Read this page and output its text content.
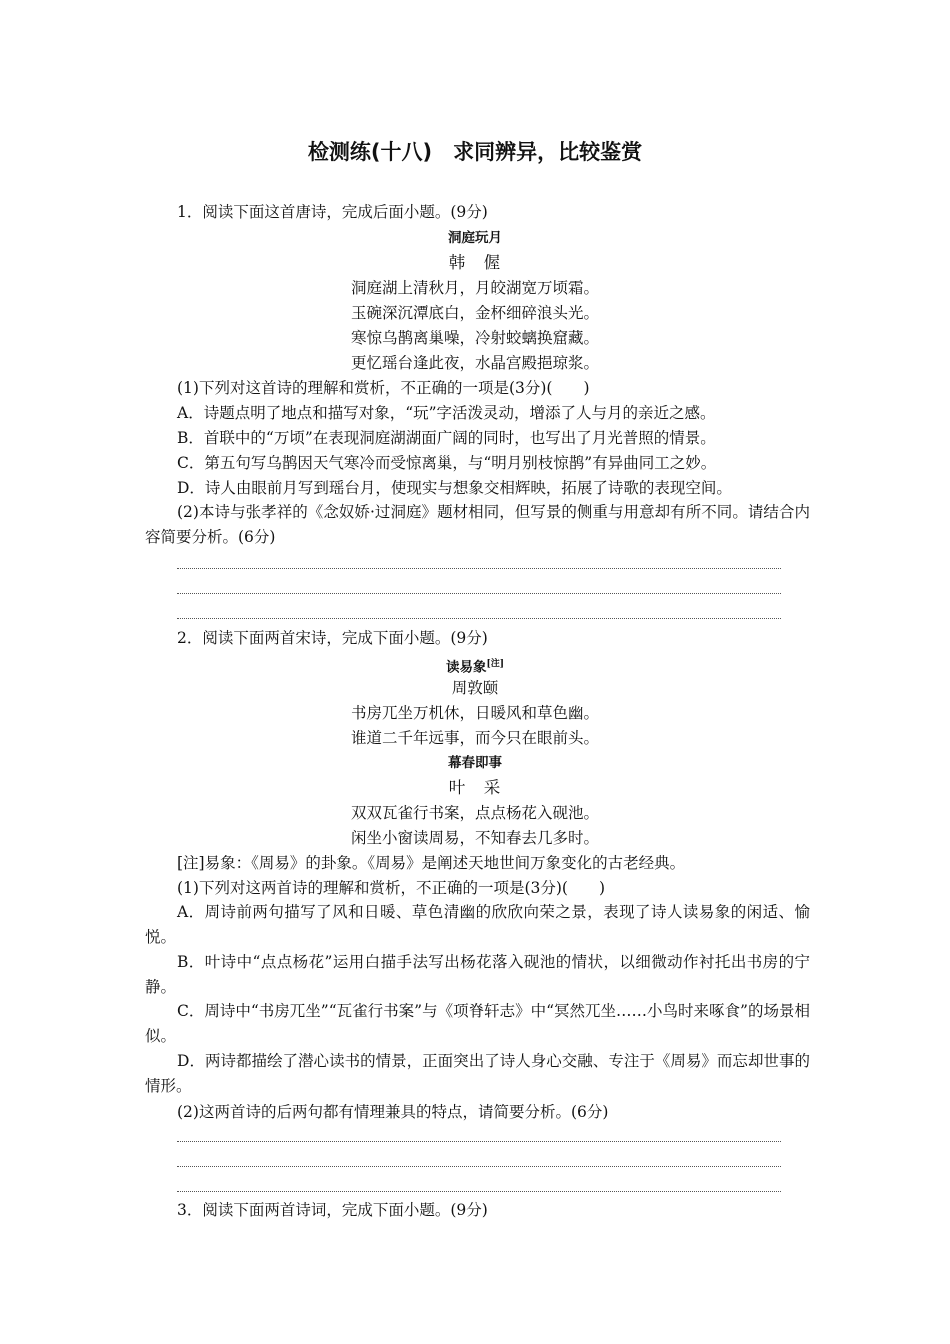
检测练(十八)　求同辨异，比较鉴赏
1．阅读下面这首唐诗，完成后面小题。(9分)
洞庭玩月
韩　偓
洞庭湖上清秋月，月皎湖宽万顷霜。
玉碗深沉潭底白，金杯细碎浪头光。
寒惊乌鹊离巢噪，冷射蛟螭换窟藏。
更忆瑶台逢此夜，水晶宫殿挹琼浆。
(1)下列对这首诗的理解和赏析，不正确的一项是(3分)(　　)
A．诗题点明了地点和描写对象，“玩”字活泼灵动，增添了人与月的亲近之感。
B．首联中的“万顷”在表现洞庭湖湖面广阔的同时，也写出了月光普照的情景。
C．第五句写乌鹊因天气寒冷而受惊离巢，与“明月别枝惊鹊”有异曲同工之妙。
D．诗人由眼前月写到瑶台月，使现实与想象交相辉映，拓展了诗歌的表现空间。
(2)本诗与张孝祥的《念奴娇·过洞庭》题材相同，但写景的侧重与用意却有所不同。请结合内容简要分析。(6分)
2．阅读下面两首宋诗，完成下面小题。(9分)
读易象[注]
周敦颐
书房兀坐万机休，日暖风和草色幽。
谁道二千年远事，而今只在眼前头。
幕春即事
叶　采
双双瓦雀行书案，点点杨花入砚池。
闲坐小窗读周易，不知春去几多时。
[注]易象：《周易》的卦象。《周易》是阐述天地世间万象变化的古老经典。
(1)下列对这两首诗的理解和赏析，不正确的一项是(3分)(　　)
A．周诗前两句描写了风和日暖、草色清幽的欣欣向荣之景，表现了诗人读易象的闲适、愉悦。
B．叶诗中“点点杨花”运用白描手法写出杨花落入砚池的情状，以细微动作衬托出书房的宁静。
C．周诗中“书房兀坐”“瓦雀行书案”与《项脊轩志》中“冥然兀坐……小鸟时来啄食”的场景相似。
D．两诗都描绘了潜心读书的情景，正面突出了诗人身心交融、专注于《周易》而忘却世事的情形。
(2)这两首诗的后两句都有情理兼具的特点，请简要分析。(6分)
3．阅读下面两首诗词，完成下面小题。(9分)
